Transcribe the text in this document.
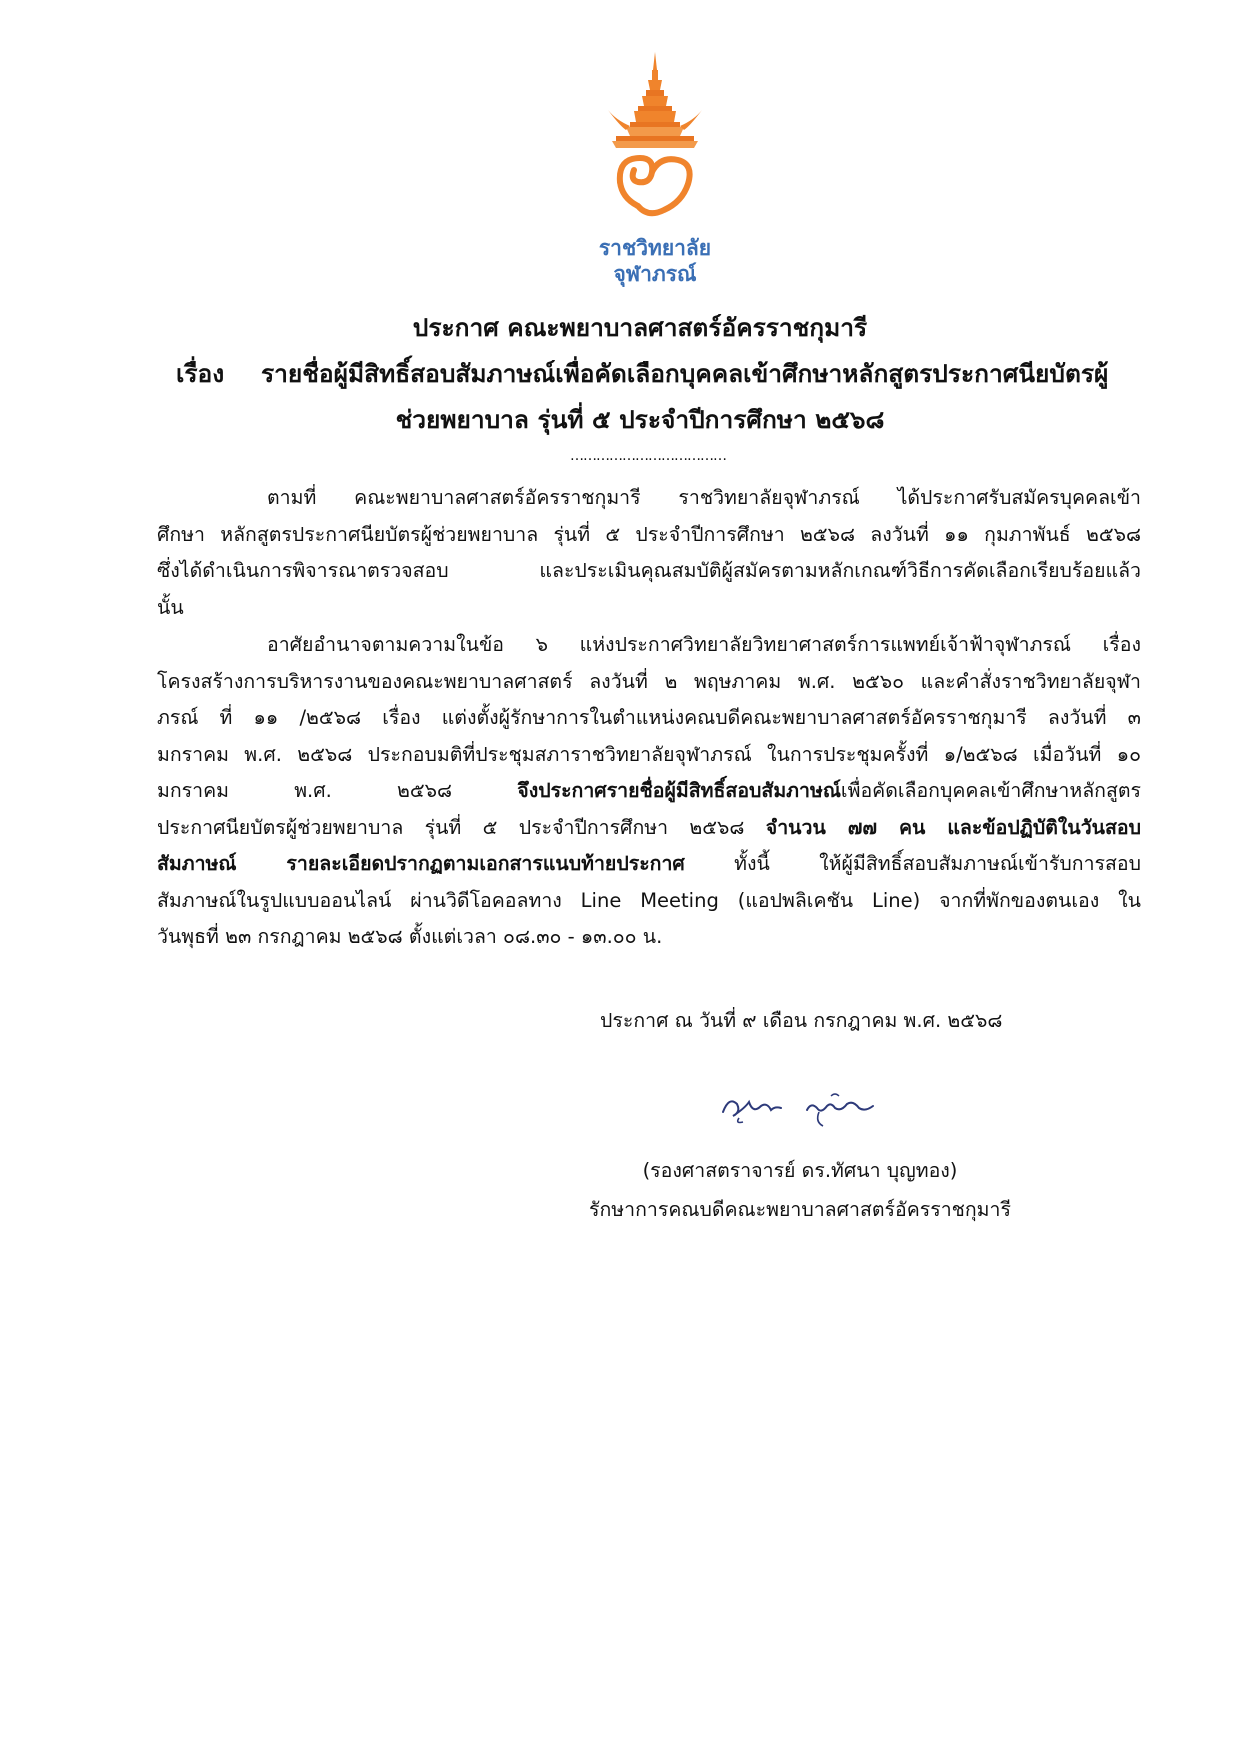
ราชวิทยาลัย
จุฬาภรณ์
ประกาศ คณะพยาบาลศาสตร์อัครราชกุมารี
เรื่อง รายชื่อผู้มีสิทธิ์สอบสัมภาษณ์เพื่อคัดเลือกบุคคลเข้าศึกษาหลักสูตรประกาศนียบัตรผู้
ช่วยพยาบาล รุ่นที่ ๕ ประจำปีการศึกษา ๒๕๖๘
………………………………
ตามที่ คณะพยาบาลศาสตร์อัครราชกุมารี ราชวิทยาลัยจุฬาภรณ์ ได้ประกาศรับสมัครบุคคลเข้า
ศึกษา หลักสูตรประกาศนียบัตรผู้ช่วยพยาบาล รุ่นที่ ๕ ประจำปีการศึกษา ๒๕๖๘ ลงวันที่ ๑๑ กุมภาพันธ์ ๒๕๖๘
ซึ่งได้ดำเนินการพิจารณาตรวจสอบ และประเมินคุณสมบัติผู้สมัครตามหลักเกณฑ์วิธีการคัดเลือกเรียบร้อยแล้ว
นั้น
อาศัยอำนาจตามความในข้อ ๖ แห่งประกาศวิทยาลัยวิทยาศาสตร์การแพทย์เจ้าฟ้าจุฬาภรณ์ เรื่อง
โครงสร้างการบริหารงานของคณะพยาบาลศาสตร์ ลงวันที่ ๒ พฤษภาคม พ.ศ. ๒๕๖๐ และคำสั่งราชวิทยาลัยจุฬา
ภรณ์ ที่ ๑๑ /๒๕๖๘ เรื่อง แต่งตั้งผู้รักษาการในตำแหน่งคณบดีคณะพยาบาลศาสตร์อัครราชกุมารี ลงวันที่ ๓
มกราคม พ.ศ. ๒๕๖๘ ประกอบมติที่ประชุมสภาราชวิทยาลัยจุฬาภรณ์ ในการประชุมครั้งที่ ๑/๒๕๖๘ เมื่อวันที่ ๑๐
มกราคม	พ.ศ.	๒๕๖๘	จึงประกาศรายชื่อผู้มีสิทธิ์สอบสัมภาษณ์เพื่อคัดเลือกบุคคลเข้าศึกษาหลักสูตร
ประกาศนียบัตรผู้ช่วยพยาบาล รุ่นที่ ๕ ประจำปีการศึกษา ๒๕๖๘ จำนวน ๗๗ คน และข้อปฏิบัติในวันสอบ
สัมภาษณ์ รายละเอียดปรากฏตามเอกสารแนบท้ายประกาศ ทั้งนี้ ให้ผู้มีสิทธิ์สอบสัมภาษณ์เข้ารับการสอบ
สัมภาษณ์ในรูปแบบออนไลน์ ผ่านวิดีโอคอลทาง Line Meeting (แอปพลิเคชัน Line) จากที่พักของตนเอง ใน
วันพุธที่ ๒๓ กรกฎาคม ๒๕๖๘ ตั้งแต่เวลา ๐๘.๓๐ - ๑๓.๐๐ น.
ประกาศ ณ วันที่ ๙ เดือน กรกฎาคม พ.ศ. ๒๕๖๘
(รองศาสตราจารย์ ดร.ทัศนา บุญทอง)
รักษาการคณบดีคณะพยาบาลศาสตร์อัครราชกุมารี
